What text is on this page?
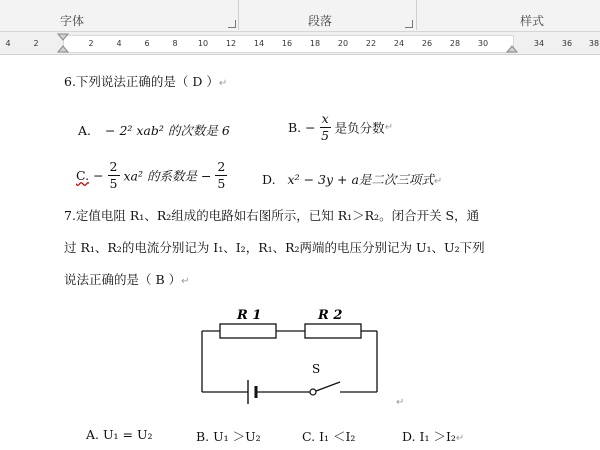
字体	段落	样式
4	2	2	4	6	8	10 12 14 16 18 20 22 24 26 28 30	34 36 38
6.下列说法正确的是（ D ）↵
A. − 2² xab² 的次数是 6	B. − $\frac{x}{5}$ 是负分数↵
C. − $\frac{2}{5} xa^2$ 的系数是 − $\frac{2}{5}$	D. x² − 3y + a是二次三项式↵
7.定值电阻 R₁、R₂组成的电路如右图所示，已知 R₁＞R₂。闭合开关 S，通
过 R₁、R₂的电流分别记为 I₁、I₂，R₁、R₂两端的电压分别记为 U₁、U₂下列
说法正确的是（ B ）↵
R 1	R 2
S
↵
A. U₁ = U₂	B. U₁ ＞U₂	C. I₁ ＜I₂	D. I₁ ＞I₂↵
